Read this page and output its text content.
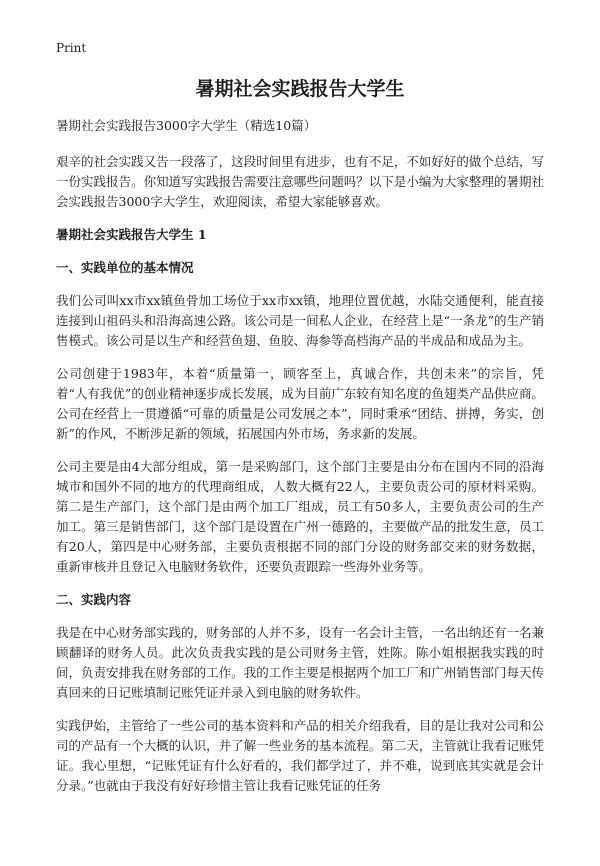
Print
暑期社会实践报告大学生
暑期社会实践报告3000字大学生（精选10篇）

艰辛的社会实践又告一段落了，这段时间里有进步，也有不足，不如好好的做个总结，写一份实践报告。你知道写实践报告需要注意哪些问题吗？以下是小编为大家整理的暑期社会实践报告3000字大学生，欢迎阅读，希望大家能够喜欢。

暑期社会实践报告大学生 1
一、实践单位的基本情况

我们公司叫xx市xx镇鱼骨加工场位于xx市xx镇，地理位置优越，水陆交通便利，能直接连接到山祖码头和沿海高速公路。该公司是一间私人企业，在经营上是“一条龙”的生产销售模式。该公司是以生产和经营鱼翅、鱼胶、海参等高档海产品的半成品和成品为主。

公司创建于1983年，本着“质量第一，顾客至上，真诚合作，共创未来”的宗旨，凭着“人有我优”的创业精神逐步成长发展，成为目前广东较有知名度的鱼翅类产品供应商。公司在经营上一贯遵循“可靠的质量是公司发展之本”，同时秉承“团结、拼搏，务实，创新”的作风，不断涉足新的领域，拓展国内外市场，务求新的发展。

公司主要是由4大部分组成，第一是采购部门，这个部门主要是由分布在国内不同的沿海城市和国外不同的地方的代理商组成，人数大概有22人，主要负责公司的原材料采购。第二是生产部门，这个部门是由两个加工厂组成，员工有50多人，主要负责公司的生产加工。第三是销售部门，这个部门是设置在广州一德路的，主要做产品的批发生意，员工有20人，第四是中心财务部，主要负责根据不同的部门分设的财务部交来的财务数据，重新审核并且登记入电脑财务软件，还要负责跟踪一些海外业务等。

二、实践内容

我是在中心财务部实践的，财务部的人并不多，设有一名会计主管，一名出纳还有一名兼顾翻译的财务人员。此次负责我实践的是公司财务主管，姓陈。陈小姐根据我实践的时间，负责安排我在财务部的工作。我的工作主要是根据两个加工厂和广州销售部门每天传真回来的日记账填制记账凭证并录入到电脑的财务软件。

实践伊始，主管给了一些公司的基本资料和产品的相关介绍我看，目的是让我对公司和公司的产品有一个大概的认识，并了解一些业务的基本流程。第二天，主管就让我看记账凭证。我心里想，“记账凭证有什么好看的，我们都学过了，并不难，说到底其实就是会计分录。”也就由于我没有好好珍惜主管让我看记账凭证的任务
